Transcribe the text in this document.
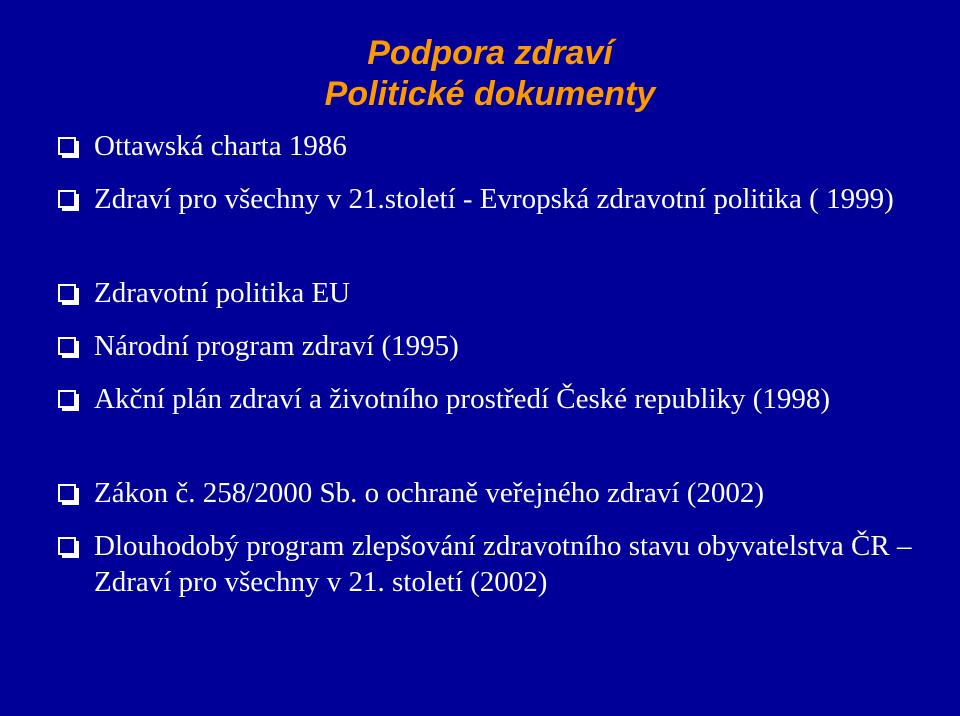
Podpora zdraví
Politické dokumenty
Ottawská charta 1986
Zdraví pro všechny v 21.století - Evropská zdravotní politika ( 1999)
Zdravotní politika EU
Národní program zdraví (1995)
Akční plán zdraví a životního prostředí České republiky (1998)
Zákon č. 258/2000 Sb. o ochraně veřejného zdraví (2002)
Dlouhodobý program zlepšování zdravotního stavu obyvatelstva ČR – Zdraví pro všechny v 21. století (2002)
